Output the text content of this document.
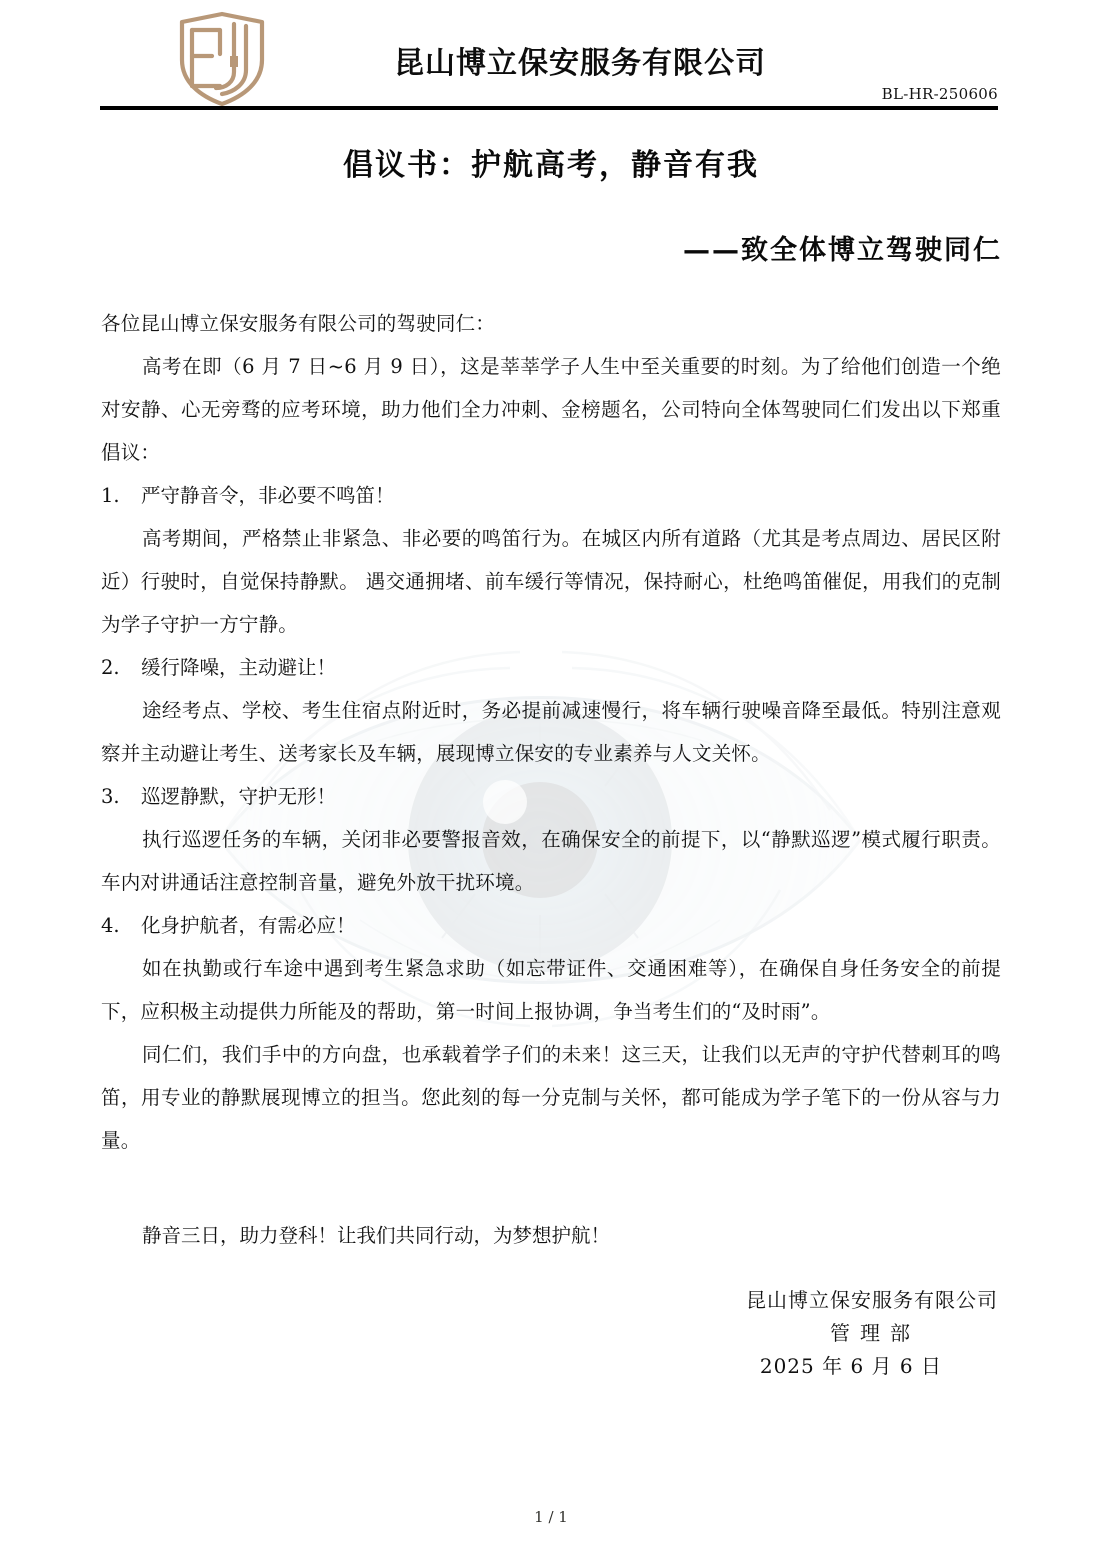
昆山博立保安服务有限公司
BL-HR-250606
倡议书：护航高考，静音有我
——致全体博立驾驶同仁

各位昆山博立保安服务有限公司的驾驶同仁：

高考在即（6 月 7 日~6 月 9 日），这是莘莘学子人生中至关重要的时刻。为了给他们创造一个绝对安静、心无旁骛的应考环境，助力他们全力冲刺、金榜题名，公司特向全体驾驶同仁们发出以下郑重倡议：

1.	严守静音令，非必要不鸣笛！

高考期间，严格禁止非紧急、非必要的鸣笛行为。在城区内所有道路（尤其是考点周边、居民区附近）行驶时，自觉保持静默。 遇交通拥堵、前车缓行等情况，保持耐心，杜绝鸣笛催促，用我们的克制为学子守护一方宁静。

2.	缓行降噪，主动避让！

途经考点、学校、考生住宿点附近时，务必提前减速慢行，将车辆行驶噪音降至最低。特别注意观察并主动避让考生、送考家长及车辆，展现博立保安的专业素养与人文关怀。

3.	巡逻静默，守护无形！

执行巡逻任务的车辆，关闭非必要警报音效，在确保安全的前提下，以“静默巡逻”模式履行职责。车内对讲通话注意控制音量，避免外放干扰环境。

4.	化身护航者，有需必应！

如在执勤或行车途中遇到考生紧急求助（如忘带证件、交通困难等），在确保自身任务安全的前提下，应积极主动提供力所能及的帮助，第一时间上报协调，争当考生们的“及时雨”。

同仁们，我们手中的方向盘，也承载着学子们的未来！这三天，让我们以无声的守护代替刺耳的鸣笛，用专业的静默展现博立的担当。您此刻的每一分克制与关怀，都可能成为学子笔下的一份从容与力量。

静音三日，助力登科！让我们共同行动，为梦想护航！

昆山博立保安服务有限公司
管理部
2025 年 6 月 6 日
1 / 1
